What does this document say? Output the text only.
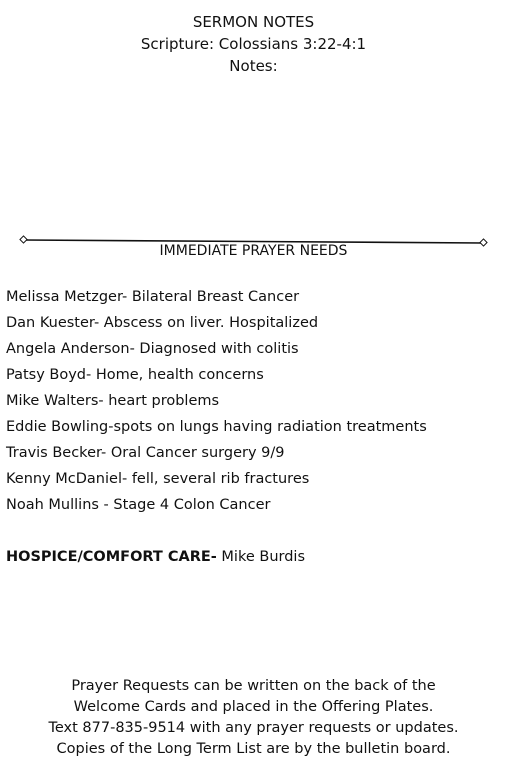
SERMON NOTES
Scripture: Colossians 3:22-4:1
Notes:
IMMEDIATE PRAYER NEEDS
Melissa Metzger- Bilateral Breast Cancer
Dan Kuester- Abscess on liver. Hospitalized
Angela Anderson- Diagnosed with colitis
Patsy Boyd- Home, health concerns
Mike Walters- heart problems
Eddie Bowling-spots on lungs having radiation treatments
Travis Becker- Oral Cancer surgery 9/9
Kenny McDaniel- fell, several rib fractures
Noah Mullins - Stage 4 Colon Cancer
HOSPICE/COMFORT CARE- Mike Burdis
Prayer Requests can be written on the back of the
Welcome Cards and placed in the Offering Plates.
Text 877-835-9514 with any prayer requests or updates.
Copies of the Long Term List are by the bulletin board.
